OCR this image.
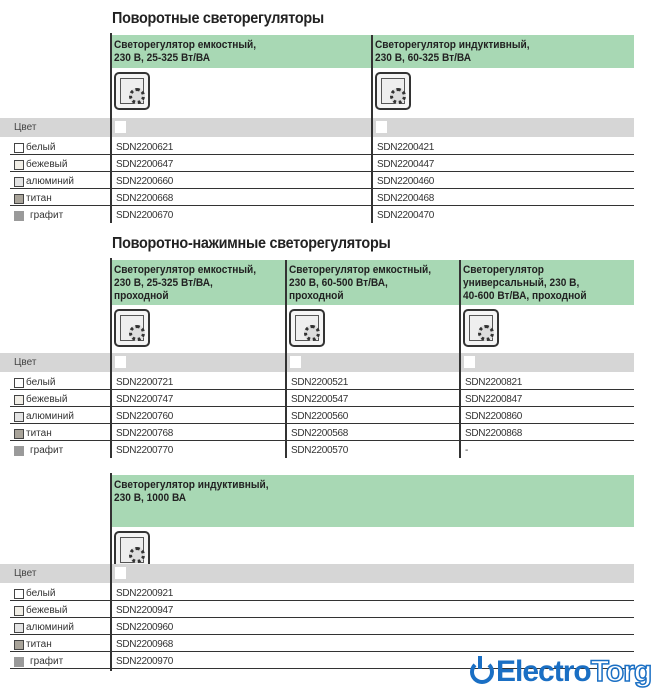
Поворотные светорегуляторы
Светорегулятор емкостный,
230 В, 25-325 Вт/ВА
Светорегулятор индуктивный,
230 В, 60-325 Вт/ВА
Цвет
белый	SDN2200621	SDN2200421
бежевый	SDN2200647	SDN2200447
алюминий	SDN2200660	SDN2200460
титан	SDN2200668	SDN2200468
графит	SDN2200670	SDN2200470
Поворотно-нажимные светорегуляторы
Светорегулятор емкостный,
230 В, 25-325 Вт/ВА,
проходной
Светорегулятор емкостный,
230 В, 60-500 Вт/ВА,
проходной
Светорегулятор
универсальный, 230 В,
40-600 Вт/ВА, проходной
Цвет
белый	SDN2200721	SDN2200521	SDN2200821
бежевый	SDN2200747	SDN2200547	SDN2200847
алюминий	SDN2200760	SDN2200560	SDN2200860
титан	SDN2200768	SDN2200568	SDN2200868
графит	SDN2200770	SDN2200570	-
Светорегулятор индуктивный,
230 В, 1000 ВА
Цвет
белый	SDN2200921
бежевый	SDN2200947
алюминий	SDN2200960
титан	SDN2200968
графит	SDN2200970	Electro Torg
